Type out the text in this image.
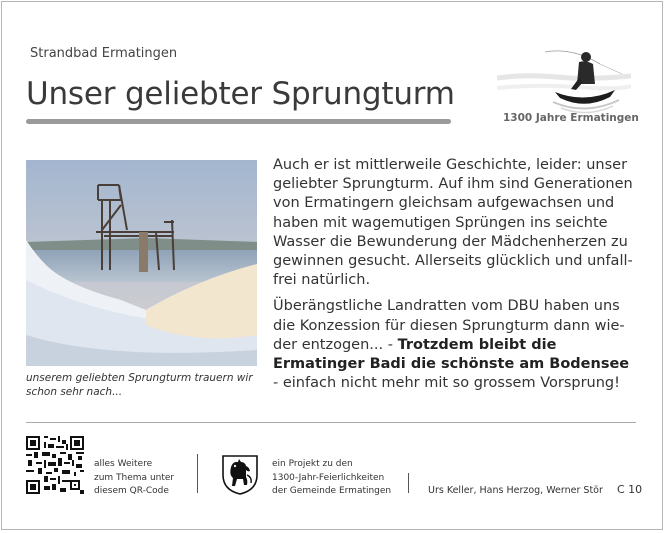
Strandbad Ermatingen
Unser geliebter Sprungturm
1300 Jahre Ermatingen
unserem geliebten Sprungturm trauern wir schon sehr nach...

Auch er ist mittlerweile Geschichte, leider: unser geliebter Sprungturm. Auf ihm sind Generationen von Ermatingern gleichsam aufgewachsen und haben mit wagemutigen Sprüngen ins seichte Wasser die Bewunderung der Mädchenherzen zu gewinnen gesucht. Allerseits glücklich und unfall-frei natürlich.

Überängstliche Landratten vom DBU haben uns die Konzession für diesen Sprungturm dann wie-der entzogen... - Trotzdem bleibt die Ermatinger Badi die schönste am Bodensee - einfach nicht mehr mit so grossem Vorsprung!

alles Weitere
zum Thema unter
diesem QR-Code
ein Projekt zu den
1300-Jahr-Feierlichkeiten
der Gemeinde Ermatingen	Urs Keller, Hans Herzog, Werner Stör C 10
